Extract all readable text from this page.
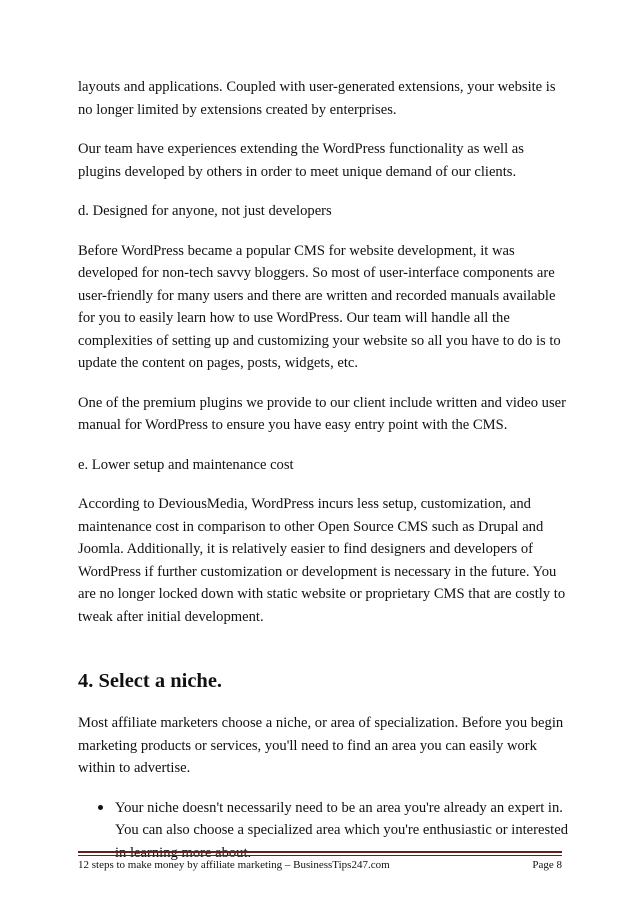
layouts and applications. Coupled with user-generated extensions, your website is no longer limited by extensions created by enterprises.

Our team have experiences extending the WordPress functionality as well as plugins developed by others in order to meet unique demand of our clients.

d. Designed for anyone, not just developers

Before WordPress became a popular CMS for website development, it was developed for non-tech savvy bloggers. So most of user-interface components are user-friendly for many users and there are written and recorded manuals available for you to easily learn how to use WordPress. Our team will handle all the complexities of setting up and customizing your website so all you have to do is to update the content on pages, posts, widgets, etc.

One of the premium plugins we provide to our client include written and video user manual for WordPress to ensure you have easy entry point with the CMS.

e. Lower setup and maintenance cost

According to DeviousMedia, WordPress incurs less setup, customization, and maintenance cost in comparison to other Open Source CMS such as Drupal and Joomla. Additionally, it is relatively easier to find designers and developers of WordPress if further customization or development is necessary in the future. You are no longer locked down with static website or proprietary CMS that are costly to tweak after initial development.

4. Select a niche.

Most affiliate marketers choose a niche, or area of specialization. Before you begin marketing products or services, you'll need to find an area you can easily work within to advertise.

Your niche doesn't necessarily need to be an area you're already an expert in. You can also choose a specialized area which you're enthusiastic or interested
12 steps to make money by affiliate marketing – BusinessTips247.com	Page 8
